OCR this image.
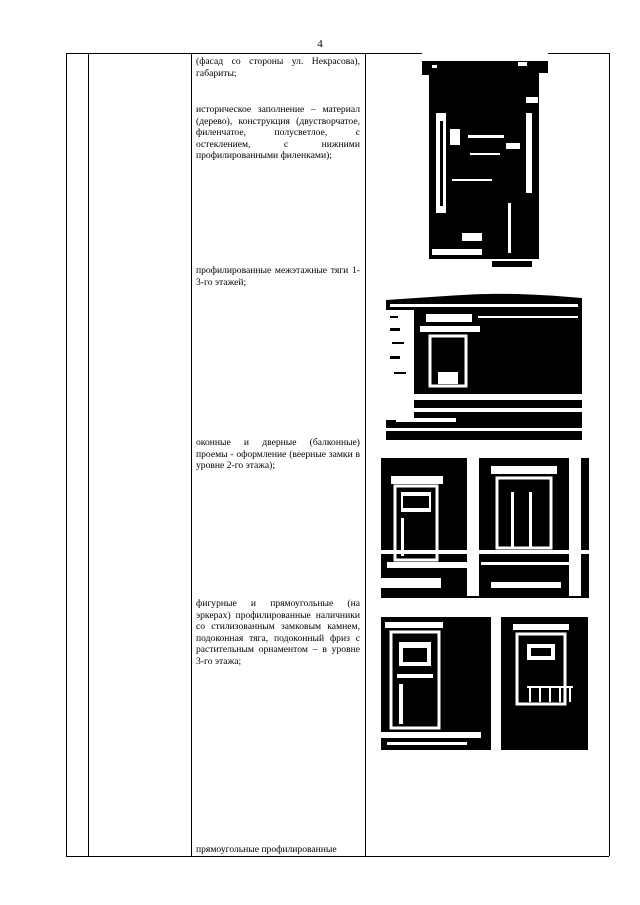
4
(фасад со стороны ул. Некрасова), габариты;
историческое заполнение – материал (дерево), конструкция (двустворчатое, филенчатое, полусветлое, с остеклением, с нижними профилированными филенками);
профилированные межэтажные тяги 1-3-го этажей;
оконные и дверные (балконные) проемы - оформление (веерные замки в уровне 2-го этажа);
фигурные и прямоугольные (на эркерах) профилированные наличники со стилизованным замковым камнем, подоконная тяга, подоконный фриз с растительным орнаментом – в уровне 3-го этажа;
прямоугольные профилированные
